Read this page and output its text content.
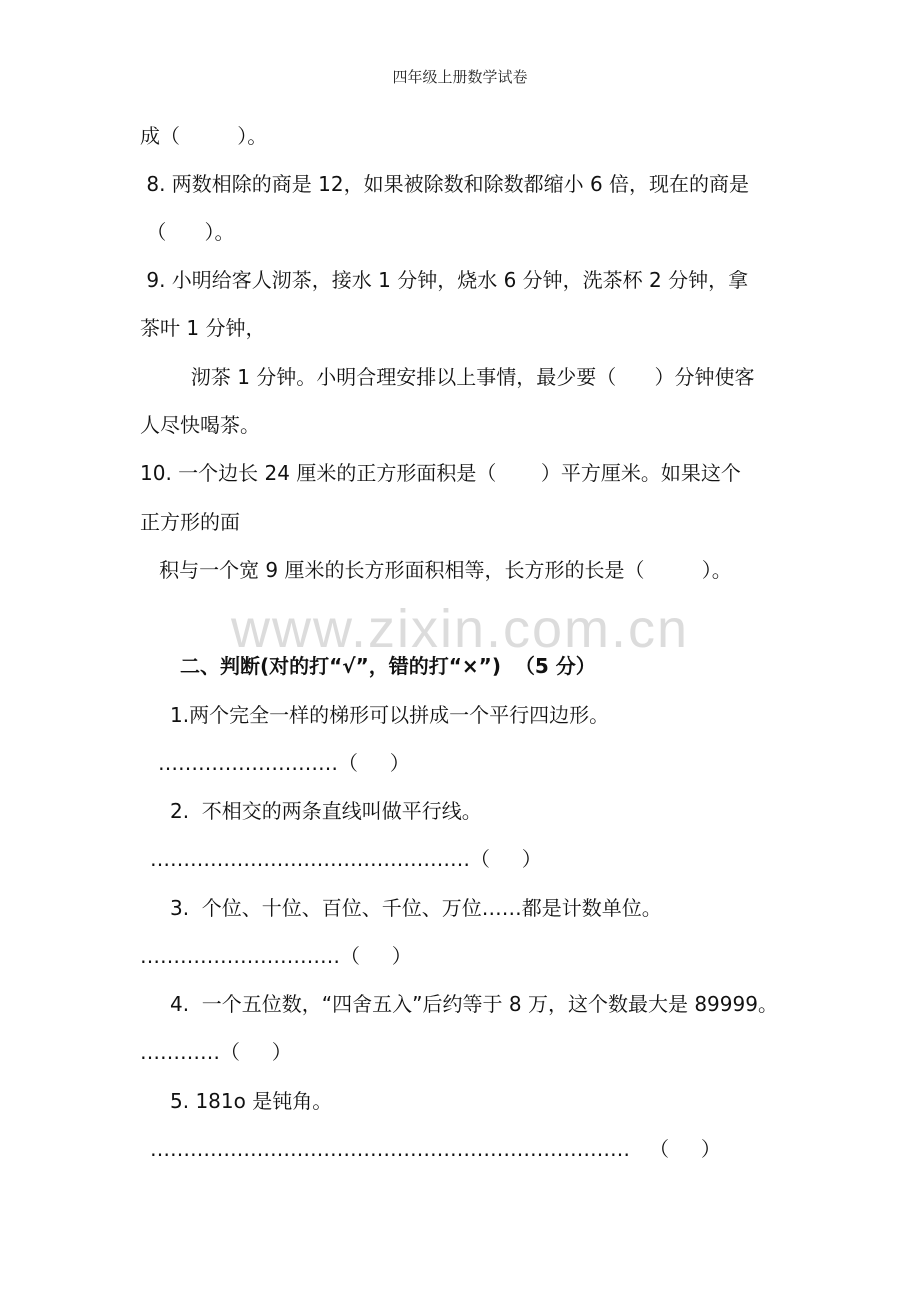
四年级上册数学试卷
成（         ）。
8. 两数相除的商是 12，如果被除数和除数都缩小 6 倍，现在的商是
（      ）。
9. 小明给客人沏茶，接水 1 分钟，烧水 6 分钟，洗茶杯 2 分钟，拿
茶叶 1 分钟，
沏茶 1 分钟。小明合理安排以上事情，最少要（      ）分钟使客
人尽快喝茶。
10. 一个边长 24 厘米的正方形面积是（       ）平方厘米。如果这个
正方形的面
积与一个宽 9 厘米的长方形面积相等，长方形的长是（         ）。
www.zixin.com.cn
二、判断(对的打“√”，错的打“×”)  （5 分）
1.两个完全一样的梯形可以拼成一个平行四边形。
………………………（     ）
2.  不相交的两条直线叫做平行线。
…………………………………………（     ）
3.  个位、十位、百位、千位、万位……都是计数单位。
…………………………（     ）
4.  一个五位数，“四舍五入”后约等于 8 万，这个数最大是 89999。
…………（     ）
5. 181o 是钝角。
………………………………………………………………   （     ）
